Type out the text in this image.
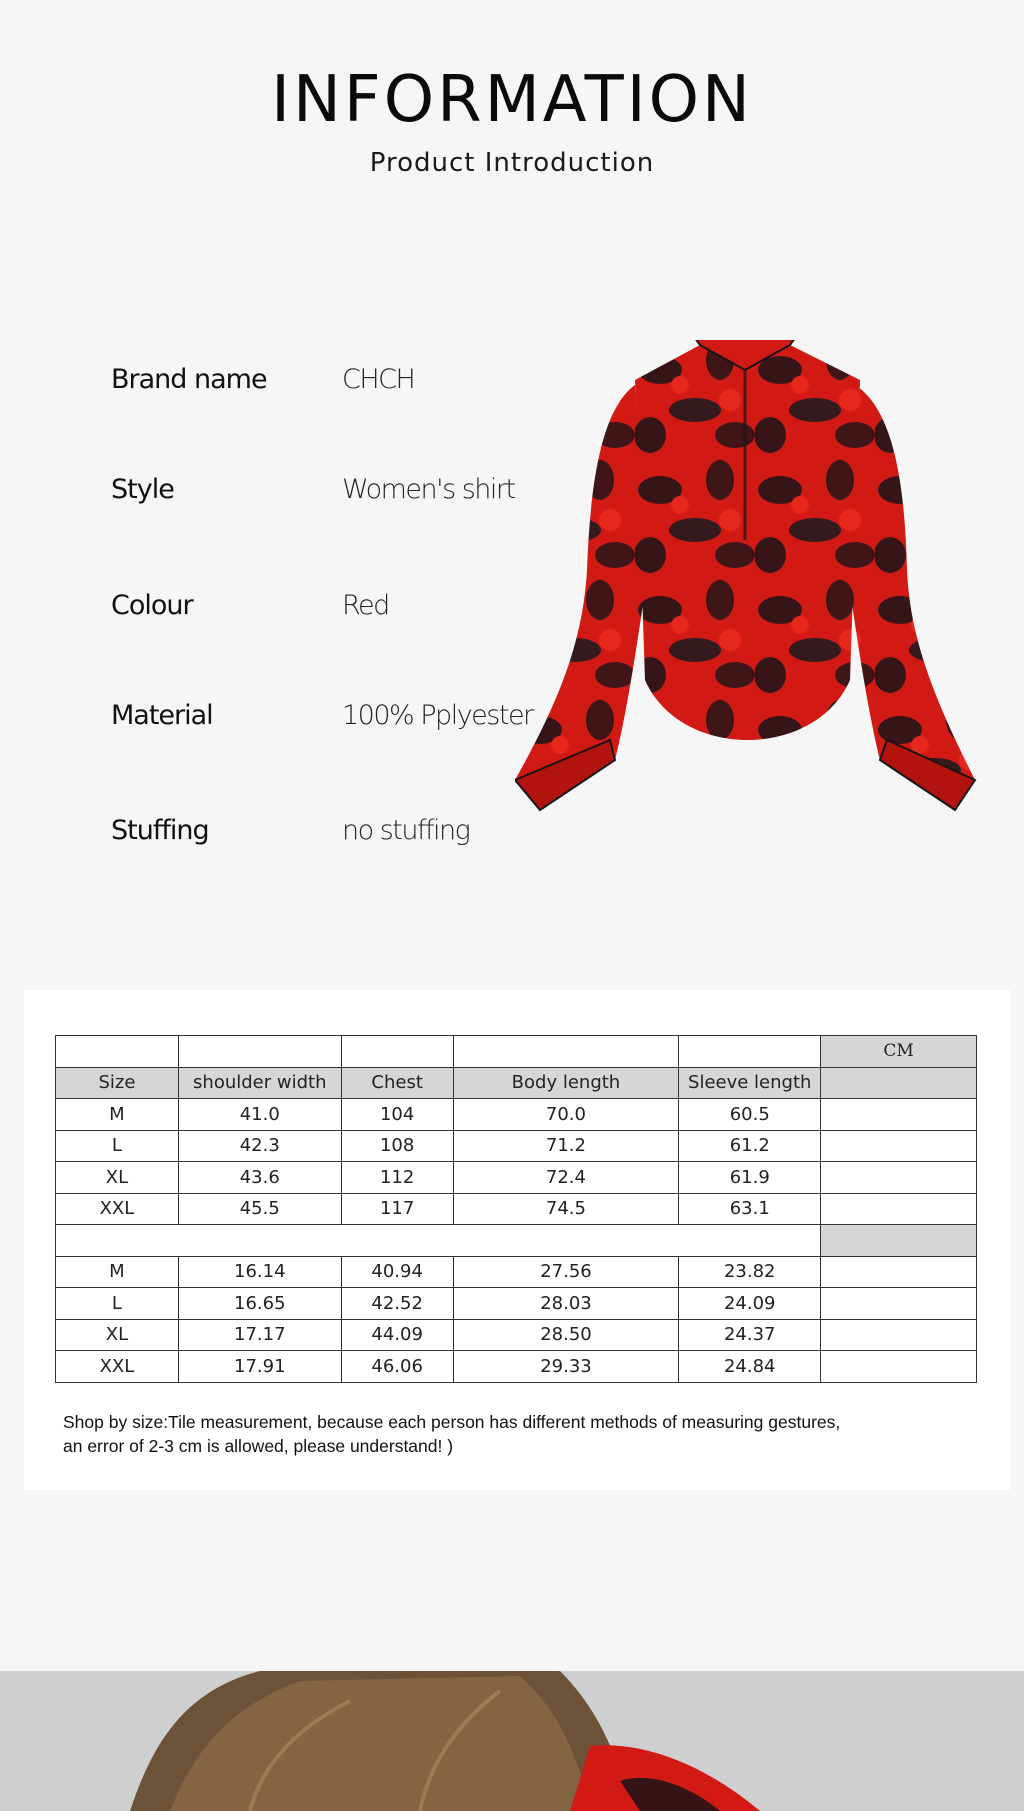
INFORMATION
Product Introduction
Brand name	CHCH
Style	Women's shirt
Colour	Red
Material	100% Pplyester
Stuffing	no stuffing
					CM
Size	shoulder width	Chest	Body length	Sleeve length	
M	41.0	104	70.0	60.5	
L	42.3	108	71.2	61.2	
XL	43.6	112	72.4	61.9	
XXL	45.5	117	74.5	63.1	

M	16.14	40.94	27.56	23.82	
L	16.65	42.52	28.03	24.09	
XL	17.17	44.09	28.50	24.37	
XXL	17.91	46.06	29.33	24.84	
Shop by size:Tile measurement, because each person has different methods of measuring gestures,
an error of 2-3 cm is allowed, please understand! )
